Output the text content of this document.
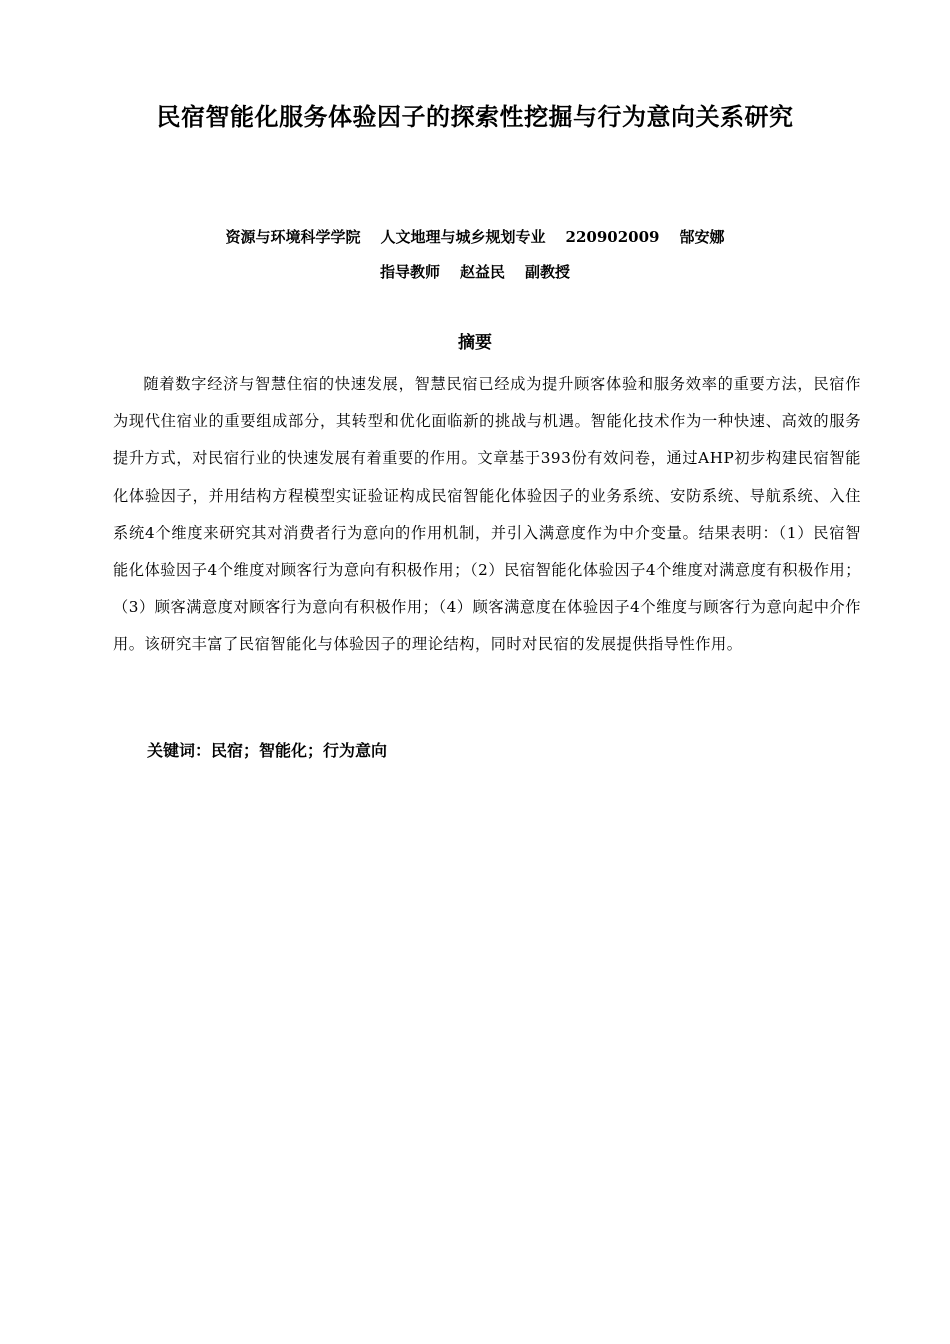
民宿智能化服务体验因子的探索性挖掘与行为意向关系研究
资源与环境科学学院 人文地理与城乡规划专业 220902009 郜安娜
指导教师 赵益民 副教授
摘要

随着数字经济与智慧住宿的快速发展，智慧民宿已经成为提升顾客体验和服务效率的重要方法，民宿作为现代住宿业的重要组成部分，其转型和优化面临新的挑战与机遇。智能化技术作为一种快速、高效的服务提升方式，对民宿行业的快速发展有着重要的作用。文章基于393份有效问卷，通过AHP初步构建民宿智能化体验因子，并用结构方程模型实证验证构成民宿智能化体验因子的业务系统、安防系统、导航系统、入住系统4个维度来研究其对消费者行为意向的作用机制，并引入满意度作为中介变量。结果表明：（1）民宿智能化体验因子4个维度对顾客行为意向有积极作用；（2）民宿智能化体验因子4个维度对满意度有积极作用；（3）顾客满意度对顾客行为意向有积极作用；（4）顾客满意度在体验因子4个维度与顾客行为意向起中介作用。该研究丰富了民宿智能化与体验因子的理论结构，同时对民宿的发展提供指导性作用。

关键词：民宿；智能化；行为意向
